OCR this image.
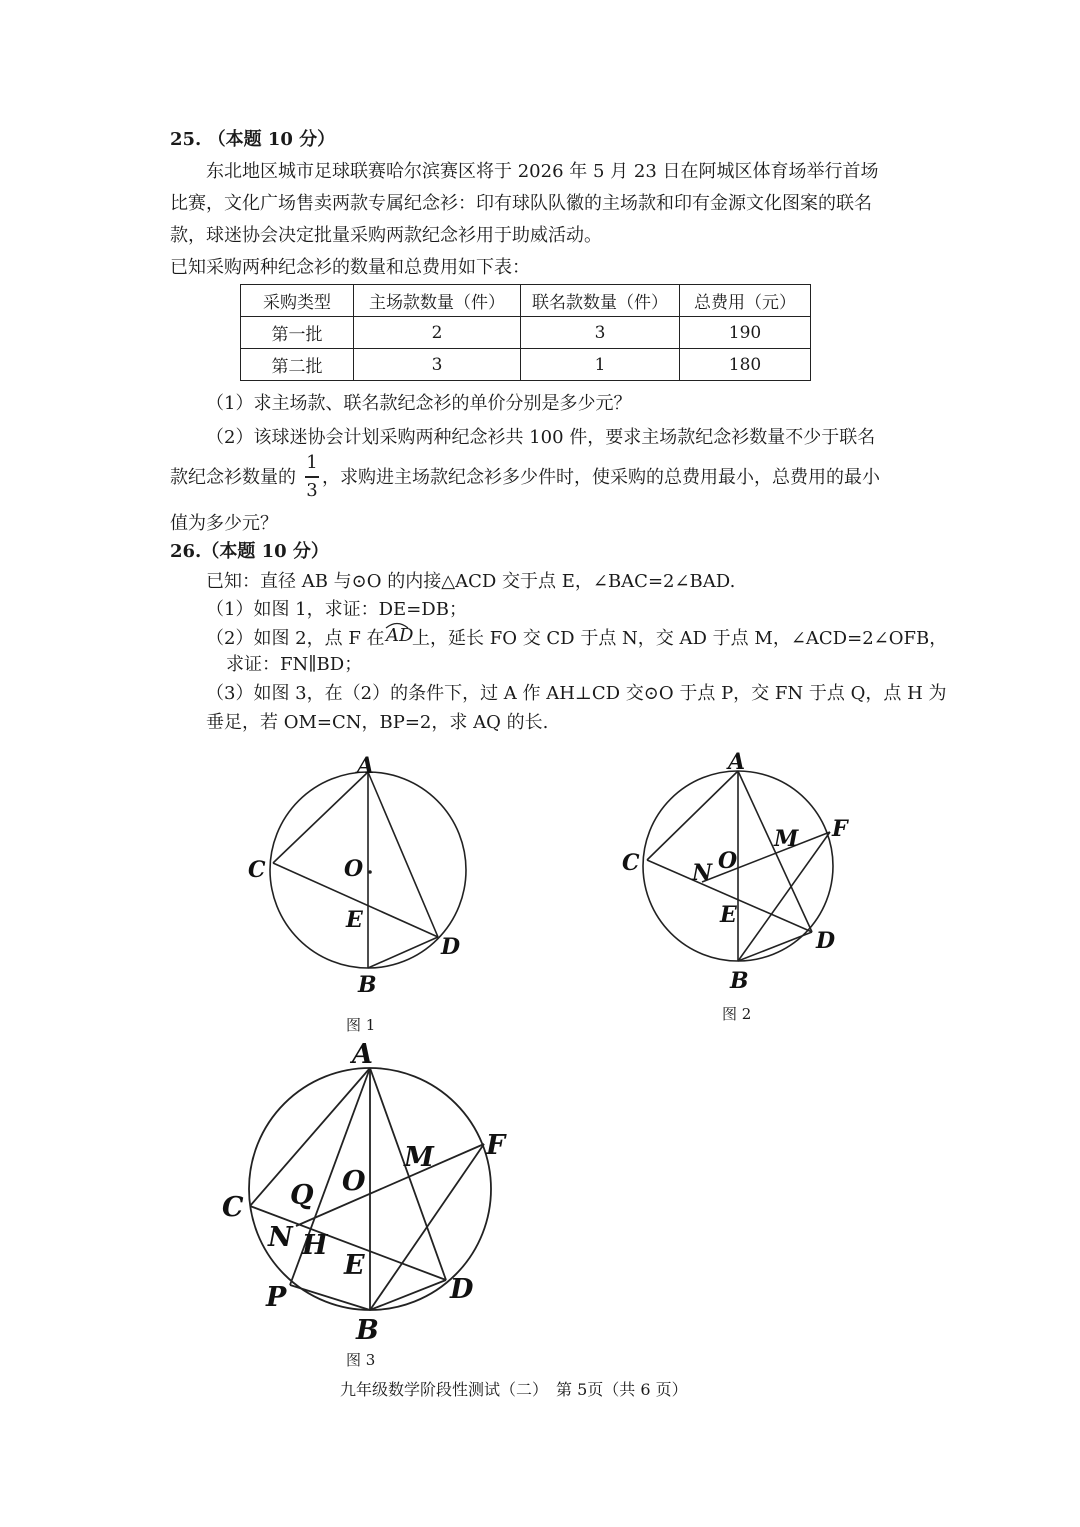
25. （本题 10 分）
东北地区城市足球联赛哈尔滨赛区将于 2026 年 5 月 23 日在阿城区体育场举行首场
比赛，文化广场售卖两款专属纪念衫：印有球队队徽的主场款和印有金源文化图案的联名
款，球迷协会决定批量采购两款纪念衫用于助威活动。
已知采购两种纪念衫的数量和总费用如下表：
采购类型	主场款数量（件）	联名款数量（件）	总费用（元）
第一批	2	3	190
第二批	3	1	180
（1）求主场款、联名款纪念衫的单价分别是多少元？
（2）该球迷协会计划采购两种纪念衫共 100 件，要求主场款纪念衫数量不少于联名
款纪念衫数量的
1
3
，求购进主场款纪念衫多少件时，使采购的总费用最小，总费用的最小
值为多少元？
26.（本题 10 分）
已知：直径 AB 与⊙O 的内接△ACD 交于点 E，∠BAC=2∠BAD.
（1）如图 1，求证：DE=DB；
（2）如图 2，点 F 在 AD
上，延长 FO 交 CD 于点 N，交 AD 于点 M，∠ACD=2∠OFB，
求证：FN∥BD；
（3）如图 3，在（2）的条件下，过 A 作 AH⊥CD 交⊙O 于点 P，交 FN 于点 Q，点 H 为
垂足，若 OM=CN，BP=2，求 AQ 的长.
A
B
C
D
E
O
图 1
A
B
C
D
E
O
F
M
N
图 2
A
B
C
D
E
O
F
M
N H
P
Q
图 3
九年级数学阶段性测试（二）　第 5页（共 6 页）
